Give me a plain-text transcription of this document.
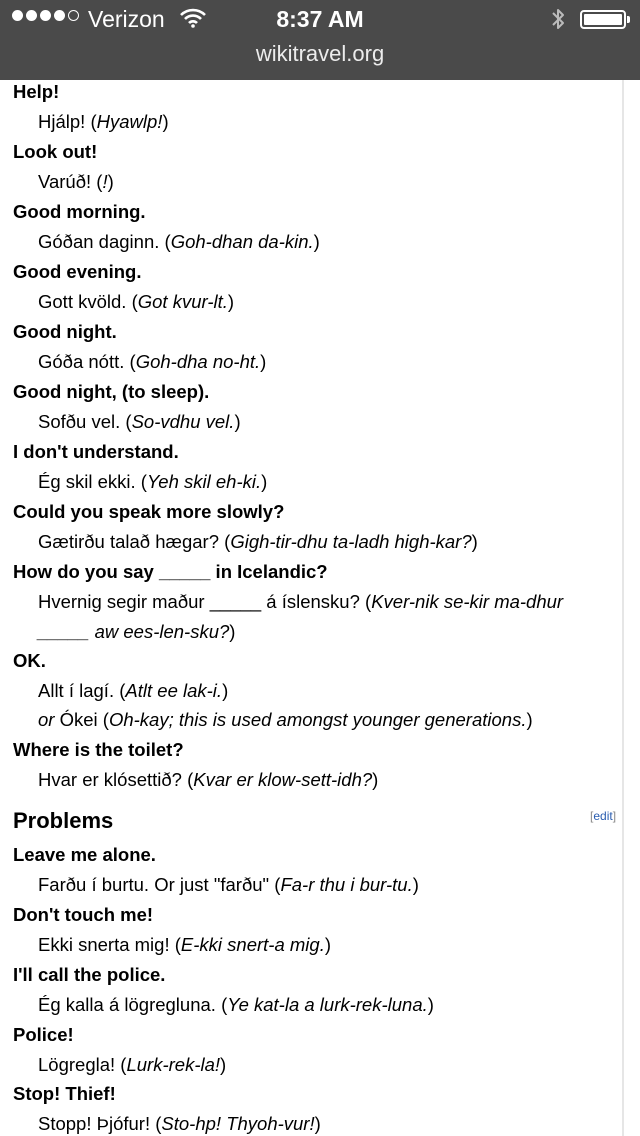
Verizon	8:37 AM
wikitravel.org
Help!
Hjálp! (Hyawlp!)
Look out!
Varúð! (!)
Good morning.
Góðan daginn. (Goh-dhan da-kin.)
Good evening.
Gott kvöld. (Got kvur-lt.)
Good night.
Góða nótt. (Goh-dha no-ht.)
Good night, (to sleep).
Sofðu vel. (So-vdhu vel.)
I don't understand.
Ég skil ekki. (Yeh skil eh-ki.)
Could you speak more slowly?
Gætirðu talað hægar? (Gigh-tir-dhu ta-ladh high-kar?)
How do you say _____ in Icelandic?
Hvernig segir maður _____ á íslensku? (Kver-nik se-kir ma-dhur
_____ aw ees-len-sku?)
OK.
Allt í lagí. (Atlt ee lak-i.)
or Ókei (Oh-kay; this is used amongst younger generations.)
Where is the toilet?
Hvar er klósettið? (Kvar er klow-sett-idh?)
Problems	[edit]
Leave me alone.
Farðu í burtu. Or just "farðu" (Fa-r thu i bur-tu.)
Don't touch me!
Ekki snerta mig! (E-kki snert-a mig.)
I'll call the police.
Ég kalla á lögregluna. (Ye kat-la a lurk-rek-luna.)
Police!
Lögregla! (Lurk-rek-la!)
Stop! Thief!
Stopp! Þjófur! (Sto-hp! Thyoh-vur!)
